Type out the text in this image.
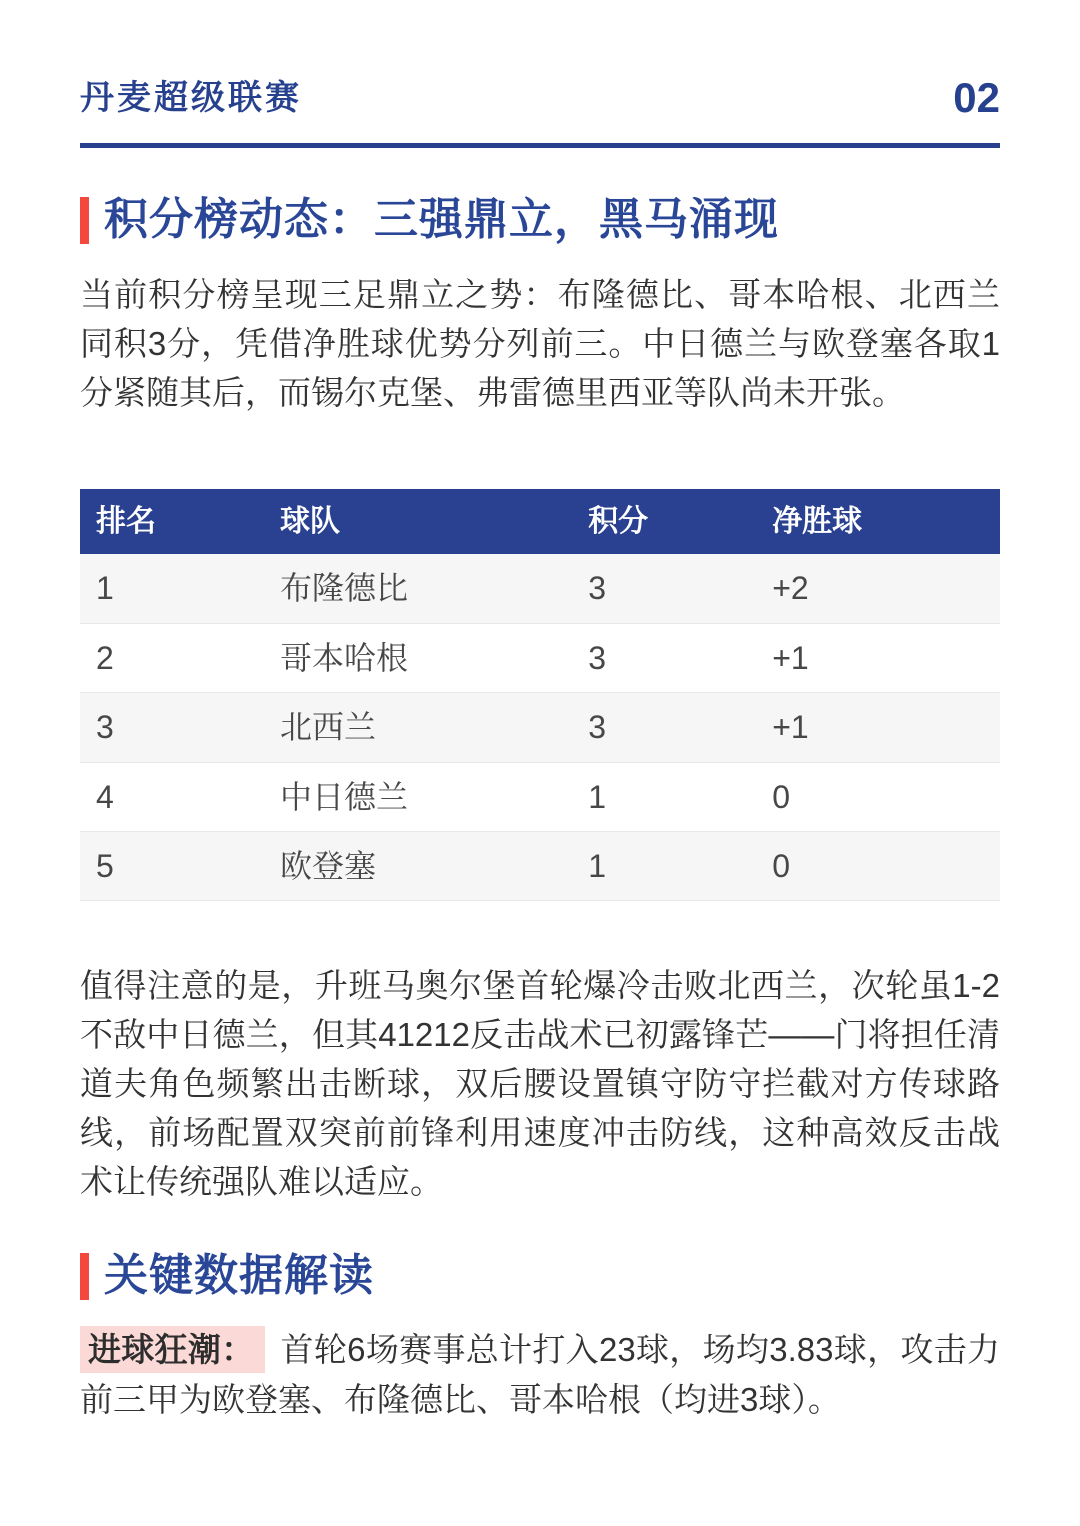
丹麦超级联赛	02
积分榜动态：三强鼎立，黑马涌现

当前积分榜呈现三足鼎立之势：布隆德比、哥本哈根、北西兰同积3分，凭借净胜球优势分列前三。中日德兰与欧登塞各取1分紧随其后，而锡尔克堡、弗雷德里西亚等队尚未开张。

排名	球队	积分	净胜球
1	布隆德比	3	+2
2	哥本哈根	3	+1
3	北西兰	3	+1
4	中日德兰	1	0
5	欧登塞	1	0

值得注意的是，升班马奥尔堡首轮爆冷击败北西兰，次轮虽1-2不敌中日德兰，但其41212反击战术已初露锋芒——门将担任清道夫角色频繁出击断球，双后腰设置镇守防守拦截对方传球路线，前场配置双突前前锋利用速度冲击防线，这种高效反击战术让传统强队难以适应。

关键数据解读

进球狂潮： 首轮6场赛事总计打入23球，场均3.83球，攻击力前三甲为欧登塞、布隆德比、哥本哈根（均进3球）。
